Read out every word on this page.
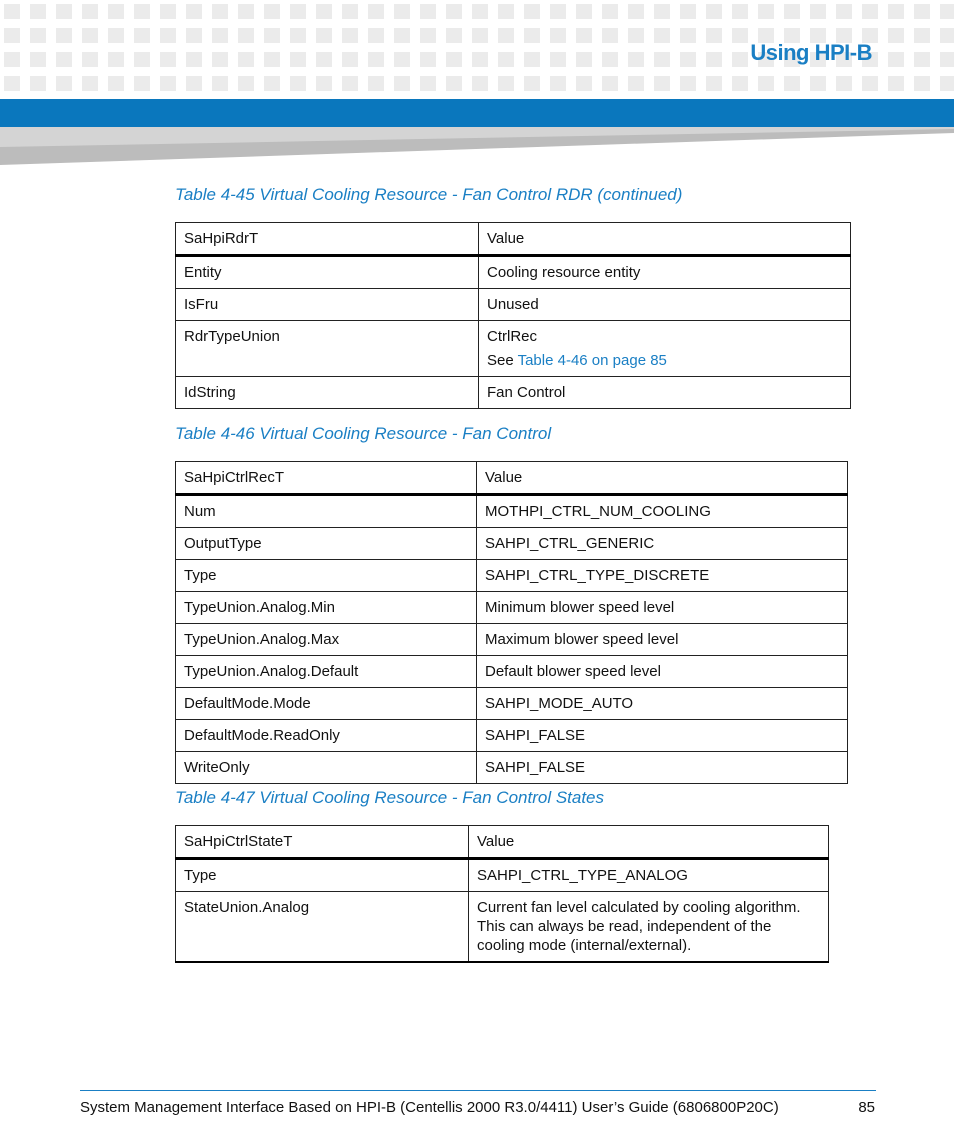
Using HPI-B
Table 4-45 Virtual Cooling Resource - Fan Control RDR (continued)
SaHpiRdrT	Value
Entity	Cooling resource entity
IsFru	Unused
RdrTypeUnion	CtrlRec
See Table 4-46 on page 85

IdString	Fan Control
Table 4-46 Virtual Cooling Resource - Fan Control
SaHpiCtrlRecT	Value
Num	MOTHPI_CTRL_NUM_COOLING
OutputType	SAHPI_CTRL_GENERIC
Type	SAHPI_CTRL_TYPE_DISCRETE
TypeUnion.Analog.Min	Minimum blower speed level
TypeUnion.Analog.Max	Maximum blower speed level
TypeUnion.Analog.Default	Default blower speed level
DefaultMode.Mode	SAHPI_MODE_AUTO
DefaultMode.ReadOnly	SAHPI_FALSE
WriteOnly	SAHPI_FALSE
Table 4-47 Virtual Cooling Resource - Fan Control States
SaHpiCtrlStateT	Value
Type	SAHPI_CTRL_TYPE_ANALOG
StateUnion.Analog	Current fan level calculated by cooling algorithm. This can always be read, independent of the cooling mode (internal/external).
System Management Interface Based on HPI-B (Centellis 2000 R3.0/4411) User’s Guide (6806800P20C)	85
